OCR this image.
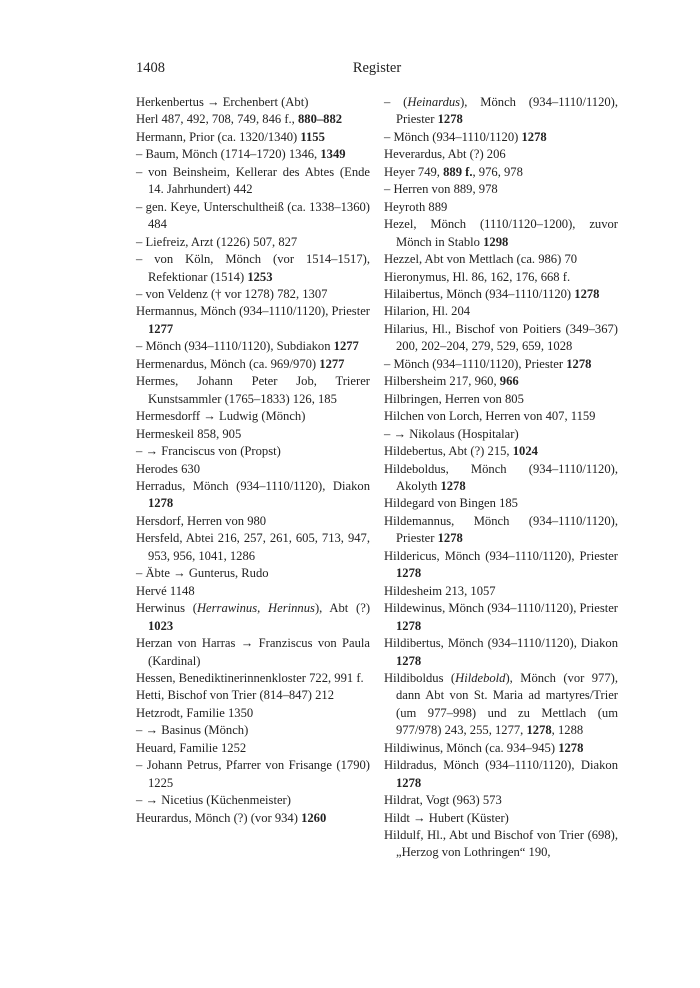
1408	Register
Herkenbertus → Erchenbert (Abt)
Herl 487, 492, 708, 749, 846 f., 880–882
Hermann, Prior (ca. 1320/1340) 1155
– Baum, Mönch (1714–1720) 1346, 1349
– von Beinsheim, Kellerar des Abtes (Ende 14. Jahrhundert) 442
– gen. Keye, Unterschultheiß (ca. 1338–1360) 484
– Liefreiz, Arzt (1226) 507, 827
– von Köln, Mönch (vor 1514–1517), Refektionar (1514) 1253
– von Veldenz († vor 1278) 782, 1307
Hermannus, Mönch (934–1110/1120), Priester 1277
– Mönch (934–1110/1120), Subdiakon 1277
Hermenardus, Mönch (ca. 969/970) 1277
Hermes, Johann Peter Job, Trierer Kunstsammler (1765–1833) 126, 185
Hermesdorff → Ludwig (Mönch)
Hermeskeil 858, 905
– → Franciscus von (Propst)
Herodes 630
Herradus, Mönch (934–1110/1120), Diakon 1278
Hersdorf, Herren von 980
Hersfeld, Abtei 216, 257, 261, 605, 713, 947, 953, 956, 1041, 1286
– Äbte → Gunterus, Rudo
Hervé 1148
Herwinus (Herrawinus, Herinnus), Abt (?) 1023
Herzan von Harras → Franziscus von Paula (Kardinal)
Hessen, Benediktinerinnenkloster 722, 991 f.
Hetti, Bischof von Trier (814–847) 212
Hetzrodt, Familie 1350
– → Basinus (Mönch)
Heuard, Familie 1252
– Johann Petrus, Pfarrer von Frisange (1790) 1225
– → Nicetius (Küchenmeister)
Heurardus, Mönch (?) (vor 934) 1260
– (Heinardus), Mönch (934–1110/1120), Priester 1278
– Mönch (934–1110/1120) 1278
Heverardus, Abt (?) 206
Heyer 749, 889 f., 976, 978
– Herren von 889, 978
Heyroth 889
Hezel, Mönch (1110/1120–1200), zuvor Mönch in Stablo 1298
Hezzel, Abt von Mettlach (ca. 986) 70
Hieronymus, Hl. 86, 162, 176, 668 f.
Hilaibertus, Mönch (934–1110/1120) 1278
Hilarion, Hl. 204
Hilarius, Hl., Bischof von Poitiers (349–367) 200, 202–204, 279, 529, 659, 1028
– Mönch (934–1110/1120), Priester 1278
Hilbersheim 217, 960, 966
Hilbringen, Herren von 805
Hilchen von Lorch, Herren von 407, 1159
– → Nikolaus (Hospitalar)
Hildebertus, Abt (?) 215, 1024
Hildeboldus, Mönch (934–1110/1120), Akolyth 1278
Hildegard von Bingen 185
Hildemannus, Mönch (934–1110/1120), Priester 1278
Hildericus, Mönch (934–1110/1120), Priester 1278
Hildesheim 213, 1057
Hildewinus, Mönch (934–1110/1120), Priester 1278
Hildibertus, Mönch (934–1110/1120), Diakon 1278
Hildiboldus (Hildebold), Mönch (vor 977), dann Abt von St. Maria ad martyres/Trier (um 977–998) und zu Mettlach (um 977/978) 243, 255, 1277, 1278, 1288
Hildiwinus, Mönch (ca. 934–945) 1278
Hildradus, Mönch (934–1110/1120), Diakon 1278
Hildrat, Vogt (963) 573
Hildt → Hubert (Küster)
Hildulf, Hl., Abt und Bischof von Trier (698), „Herzog von Lothringen“ 190,
